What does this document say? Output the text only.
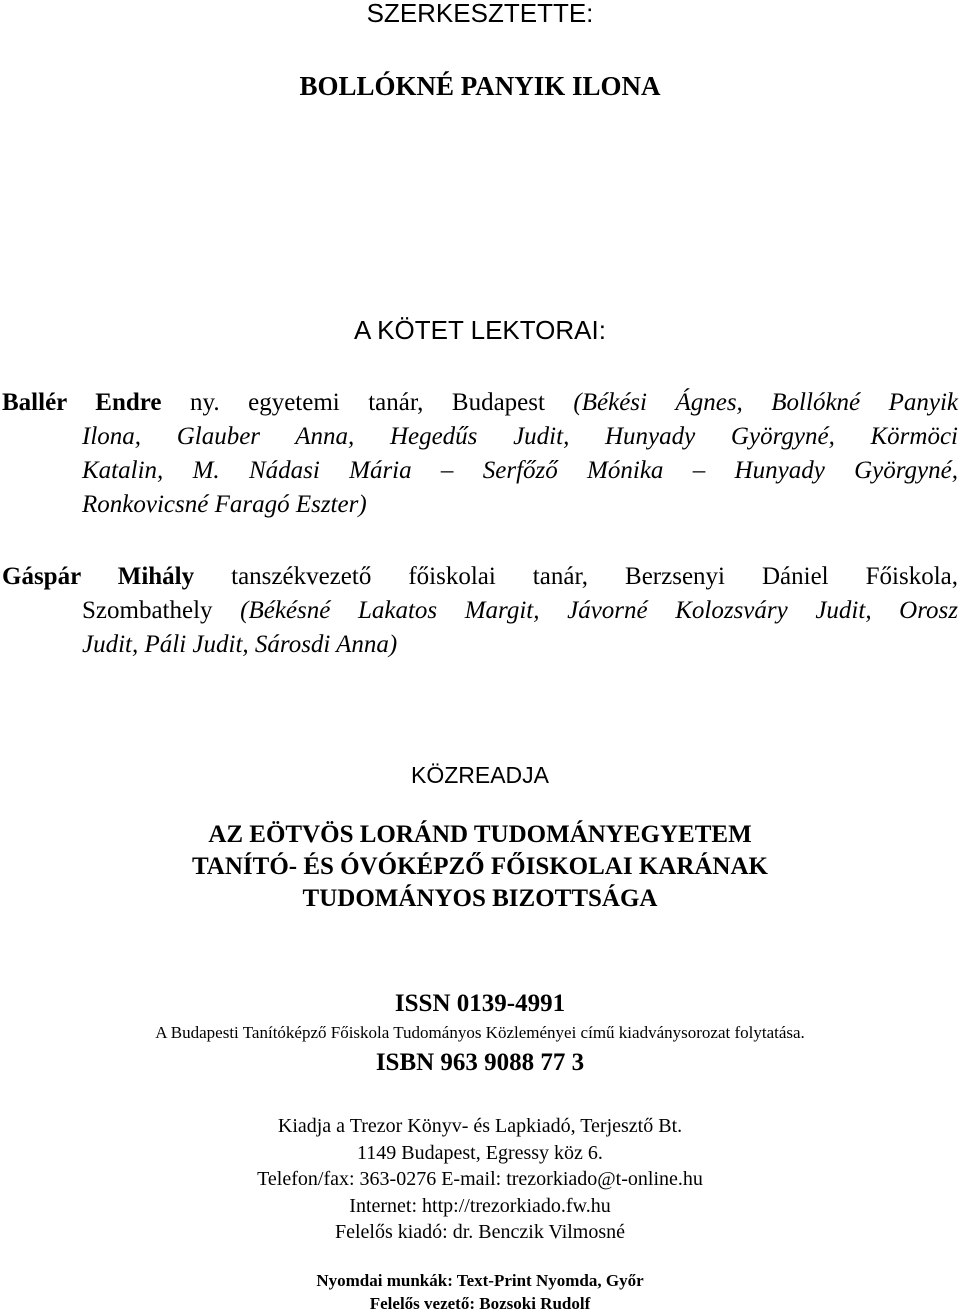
SZERKESZTETTE:
BOLLÓKNÉ PANYIK ILONA
A KÖTET LEKTORAI:
Ballér Endre ny. egyetemi tanár, Budapest (Békési Ágnes, Bollókné Panyik
Ilona, Glauber Anna, Hegedűs Judit, Hunyady Györgyné, Körmöci
Katalin, M. Nádasi Mária – Serfőző Mónika – Hunyady Györgyné,
Ronkovicsné Faragó Eszter)
Gáspár Mihály tanszékvezető főiskolai tanár, Berzsenyi Dániel Főiskola,
Szombathely (Békésné Lakatos Margit, Jávorné Kolozsváry Judit, Orosz
Judit, Páli Judit, Sárosdi Anna)
KÖZREADJA
AZ EÖTVÖS LORÁND TUDOMÁNYEGYETEM
TANÍTÓ- ÉS ÓVÓKÉPZŐ FŐISKOLAI KARÁNAK
TUDOMÁNYOS BIZOTTSÁGA
ISSN 0139-4991
A Budapesti Tanítóképző Főiskola Tudományos Közleményei című kiadványsorozat folytatása.
ISBN 963 9088 77 3
Kiadja a Trezor Könyv- és Lapkiadó, Terjesztő Bt.
1149 Budapest, Egressy köz 6.
Telefon/fax: 363-0276 E-mail: trezorkiado@t-online.hu
Internet: http://trezorkiado.fw.hu
Felelős kiadó: dr. Benczik Vilmosné
Nyomdai munkák: Text-Print Nyomda, Győr
Felelős vezető: Bozsoki Rudolf
